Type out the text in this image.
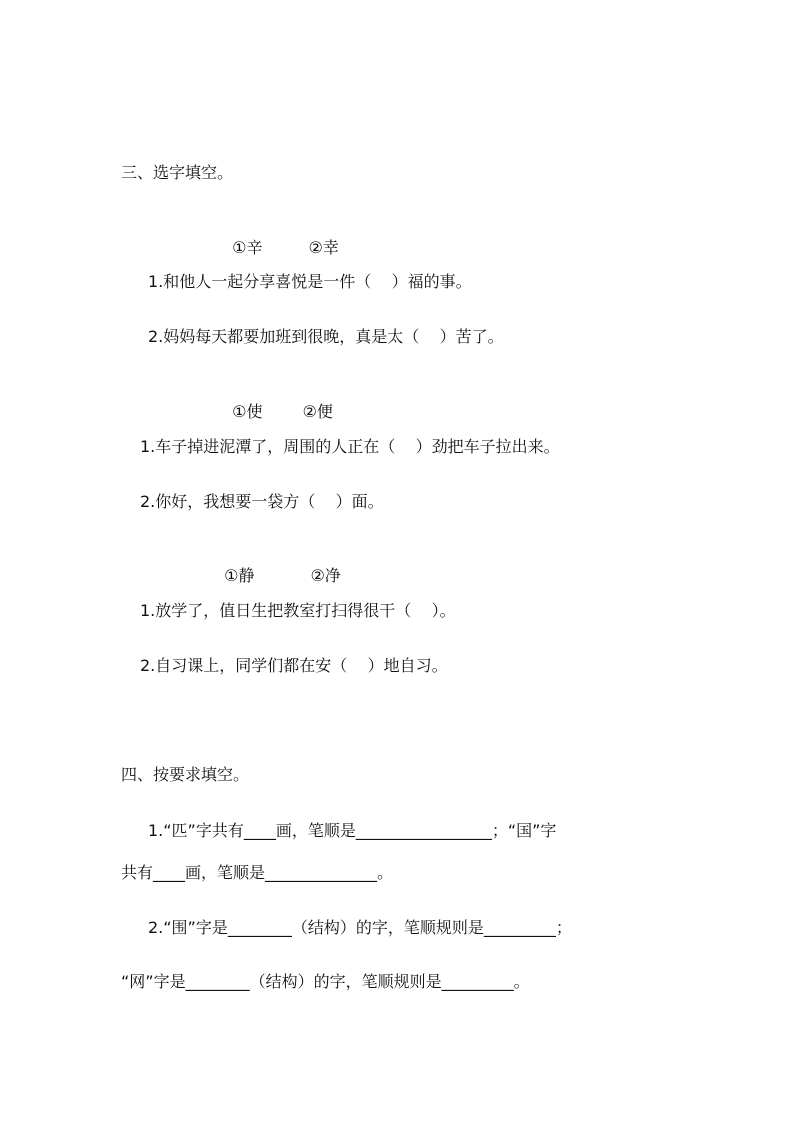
三、选字填空。

①辛	②幸

1.和他人一起分享喜悦是一件（    ）福的事。

2.妈妈每天都要加班到很晚，真是太（    ）苦了。

①使	②便

1.车子掉进泥潭了，周围的人正在（    ）劲把车子拉出来。

2.你好，我想要一袋方（    ）面。

①静	②净

1.放学了，值日生把教室打扫得很干（    ）。

2.自习课上，同学们都在安（    ）地自习。

四、按要求填空。

1.“匹”字共有____画，笔顺是_________________；“国”字

共有____画，笔顺是______________。

2.“围”字是________（结构）的字，笔顺规则是_________；

“网”字是________（结构）的字，笔顺规则是_________。
